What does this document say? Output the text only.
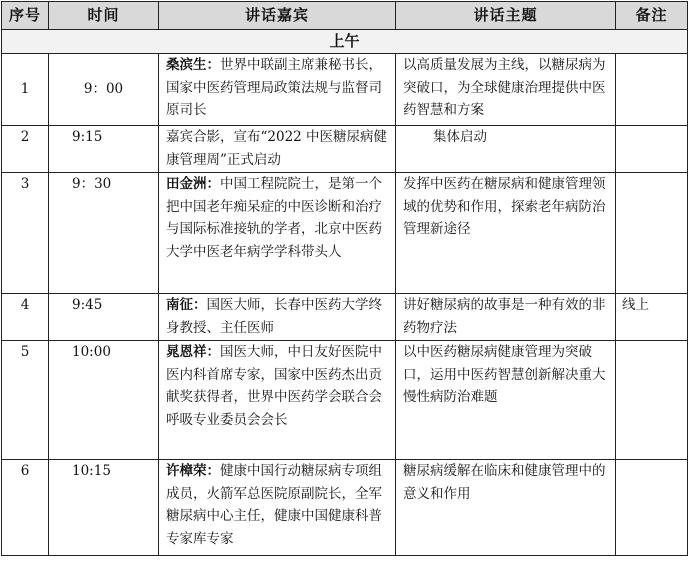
序号	时间	讲话嘉宾	讲话主题	备注
上午				
1	9：00	桑滨生：世界中联副主席兼秘书长，国家中医药管理局政策法规与监督司原司长	以高质量发展为主线，以糖尿病为突破口，为全球健康治理提供中医药智慧和方案	
2	9:15	嘉宾合影，宣布“2022 中医糖尿病健康管理周”正式启动	集体启动	
3	9：30	田金洲：中国工程院院士，是第一个把中国老年痴呆症的中医诊断和治疗与国际标准接轨的学者，北京中医药大学中医老年病学学科带头人	发挥中医药在糖尿病和健康管理领域的优势和作用，探索老年病防治管理新途径	
4	9:45	南征：国医大师，长春中医药大学终身教授、主任医师	讲好糖尿病的故事是一种有效的非药物疗法	线上
5	10:00	晁恩祥：国医大师，中日友好医院中医内科首席专家，国家中医药杰出贡献奖获得者，世界中医药学会联合会呼吸专业委员会会长	以中医药糖尿病健康管理为突破口，运用中医药智慧创新解决重大慢性病防治难题	
6	10:15	许樟荣：健康中国行动糖尿病专项组成员，火箭军总医院原副院长，全军糖尿病中心主任，健康中国健康科普专家库专家	糖尿病缓解在临床和健康管理中的意义和作用	
